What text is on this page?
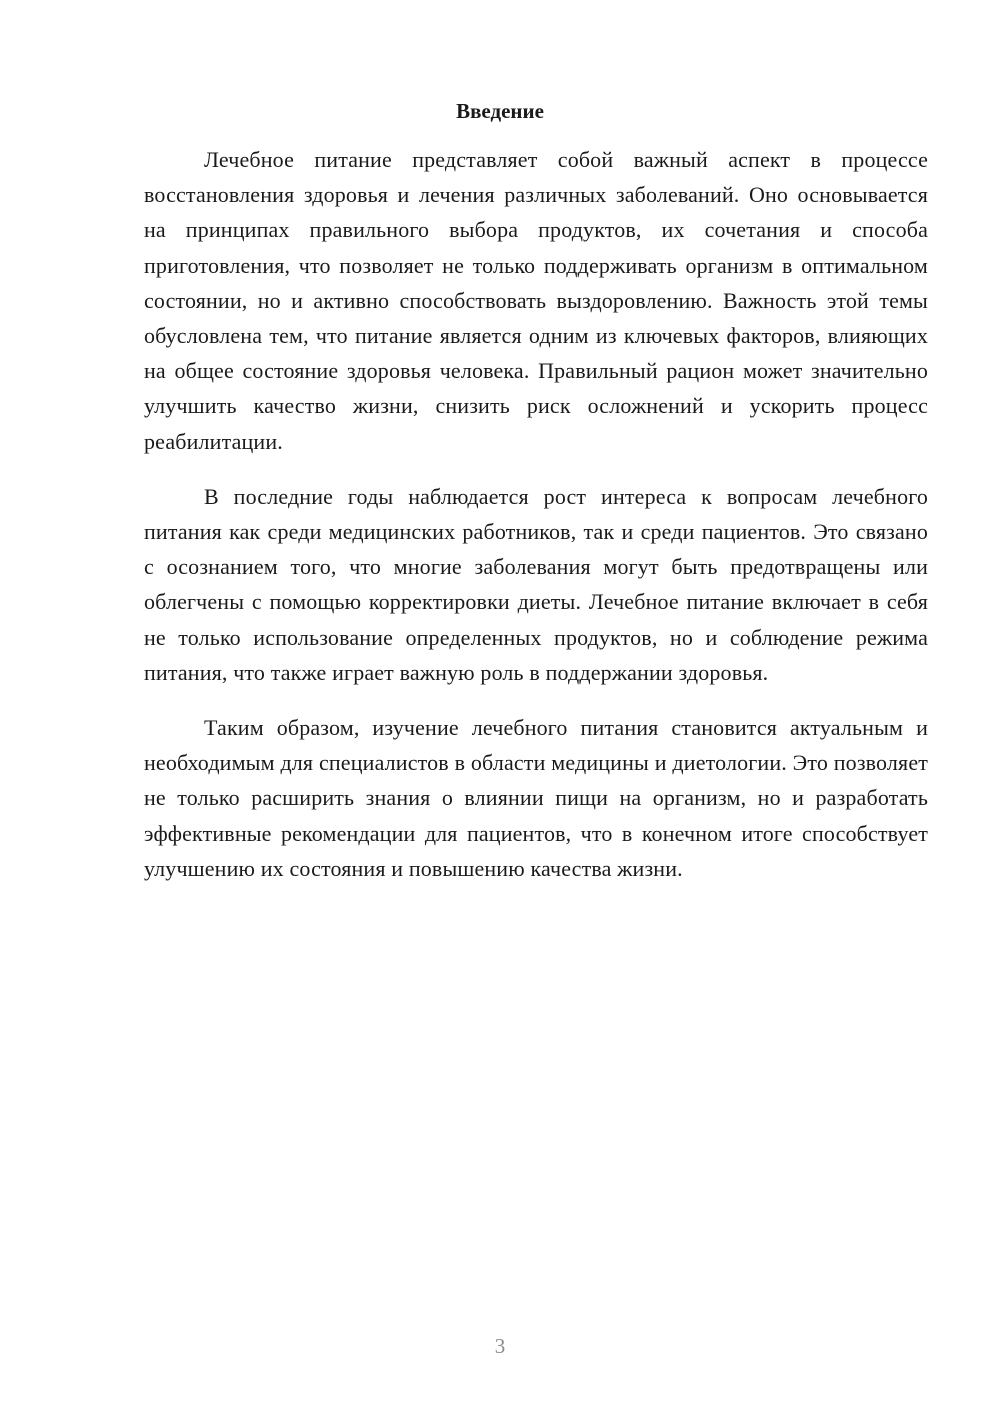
Введение

Лечебное питание представляет собой важный аспект в процессе восстановления здоровья и лечения различных заболеваний. Оно основывается на принципах правильного выбора продуктов, их сочетания и способа приготовления, что позволяет не только поддерживать организм в оптимальном состоянии, но и активно способствовать выздоровлению. Важность этой темы обусловлена тем, что питание является одним из ключевых факторов, влияющих на общее состояние здоровья человека. Правильный рацион может значительно улучшить качество жизни, снизить риск осложнений и ускорить процесс реабилитации.

В последние годы наблюдается рост интереса к вопросам лечебного питания как среди медицинских работников, так и среди пациентов. Это связано с осознанием того, что многие заболевания могут быть предотвращены или облегчены с помощью корректировки диеты. Лечебное питание включает в себя не только использование определенных продуктов, но и соблюдение режима питания, что также играет важную роль в поддержании здоровья.

Таким образом, изучение лечебного питания становится актуальным и необходимым для специалистов в области медицины и диетологии. Это позволяет не только расширить знания о влиянии пищи на организм, но и разработать эффективные рекомендации для пациентов, что в конечном итоге способствует улучшению их состояния и повышению качества жизни.

3
